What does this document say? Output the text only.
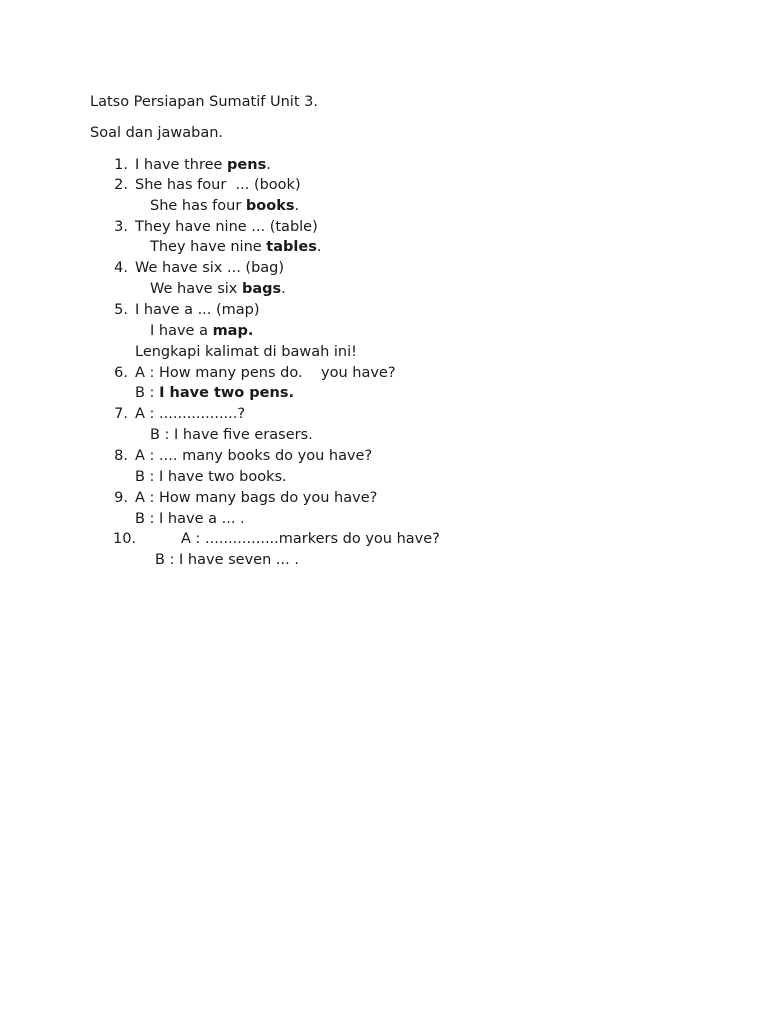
Latso Persiapan Sumatif Unit 3.
Soal dan jawaban.
1. I have three pens.
2. She has four  ... (book)
She has four books.
3. They have nine ... (table)
They have nine tables.
4. We have six ... (bag)
We have six bags.
5. I have a ... (map)
I have a map.
Lengkapi kalimat di bawah ini!
6. A : How many pens do.    you have?
B : I have two pens.
7. A : .................?
B : I have five erasers.
8. A : .... many books do you have?
B : I have two books.
9. A : How many bags do you have?
B : I have a ... .
10.	A : ................markers do you have?
B : I have seven ... .
